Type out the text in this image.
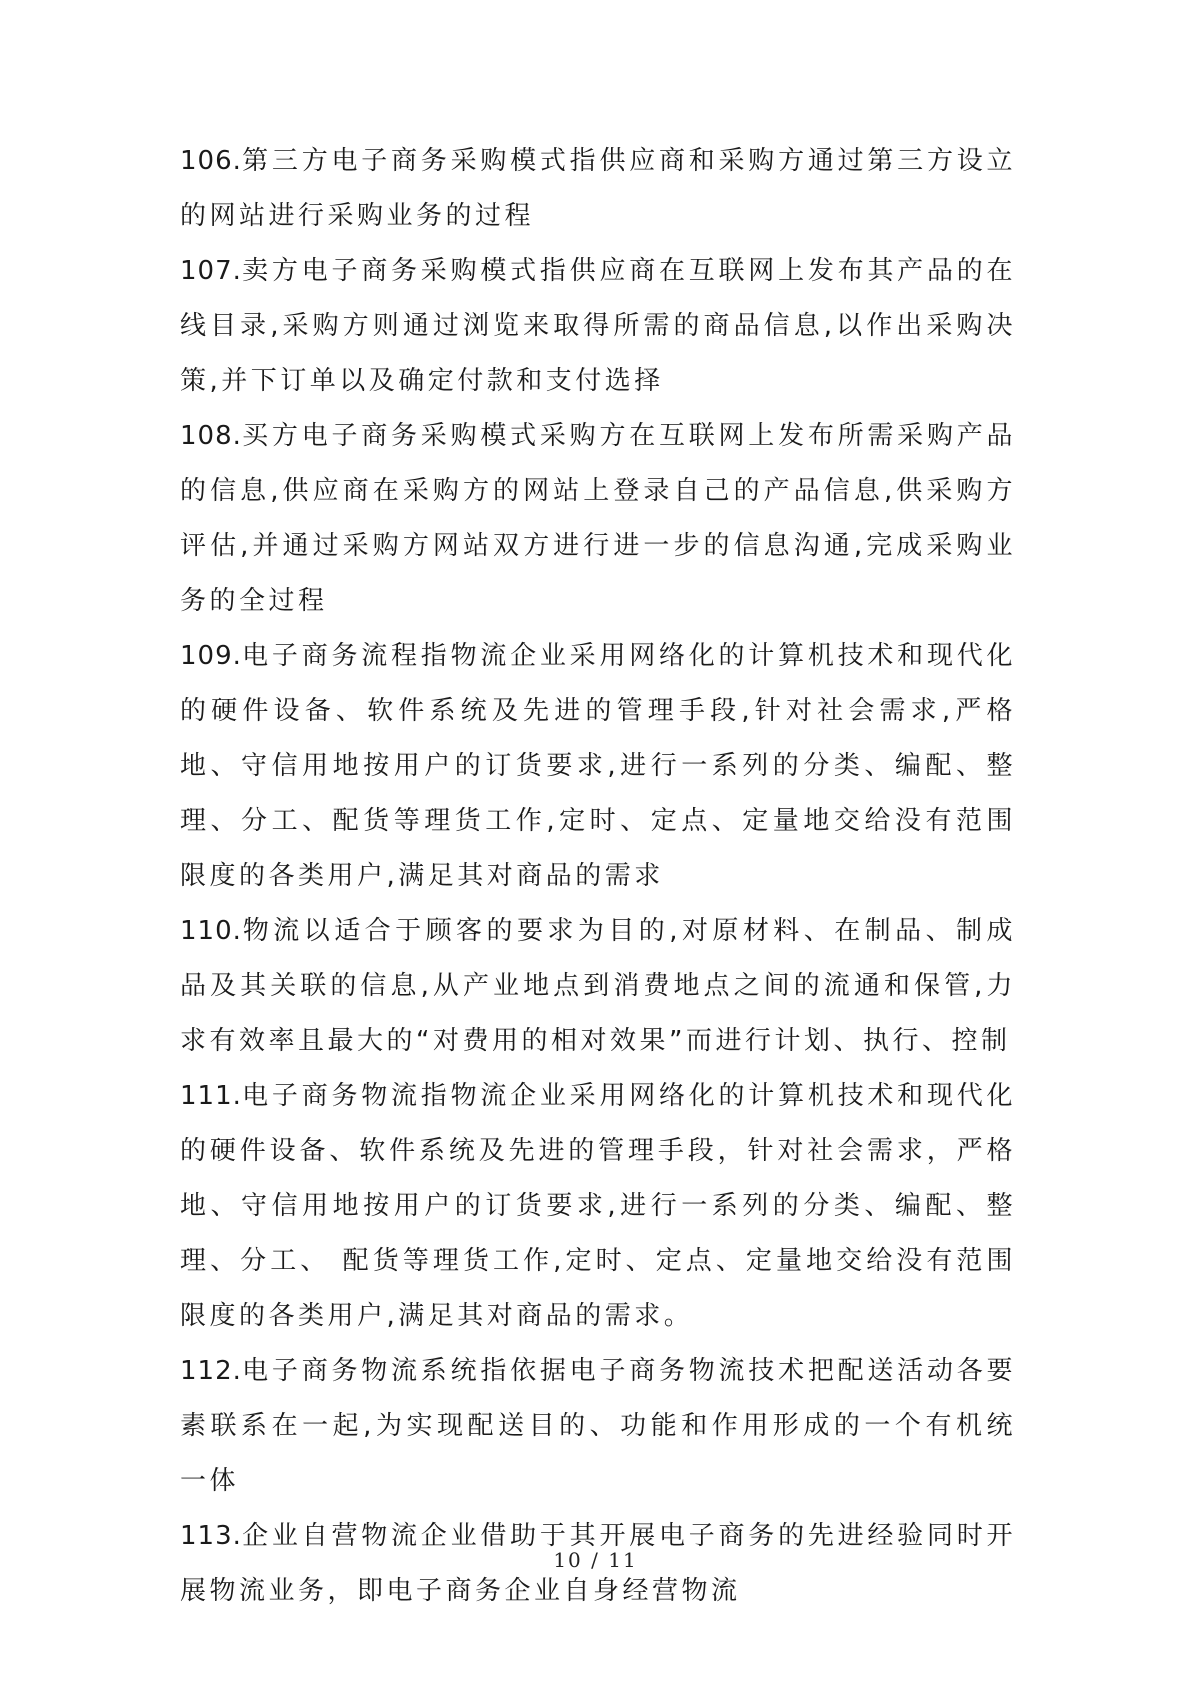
106.第三方电子商务采购模式指供应商和采购方通过第三方设立的网站进行采购业务的过程

107.卖方电子商务采购模式指供应商在互联网上发布其产品的在线目录,采购方则通过浏览来取得所需的商品信息,以作出采购决策,并下订单以及确定付款和支付选择

108.买方电子商务采购模式采购方在互联网上发布所需采购产品的信息,供应商在采购方的网站上登录自己的产品信息,供采购方评估,并通过采购方网站双方进行进一步的信息沟通,完成采购业务的全过程

109.电子商务流程指物流企业采用网络化的计算机技术和现代化的硬件设备、软件系统及先进的管理手段,针对社会需求,严格地、守信用地按用户的订货要求,进行一系列的分类、编配、整理、分工、配货等理货工作,定时、定点、定量地交给没有范围限度的各类用户,满足其对商品的需求

110.物流以适合于顾客的要求为目的,对原材料、在制品、制成品及其关联的信息,从产业地点到消费地点之间的流通和保管,力求有效率且最大的“对费用的相对效果”而进行计划、执行、控制

111.电子商务物流指物流企业采用网络化的计算机技术和现代化的硬件设备、软件系统及先进的管理手段，针对社会需求，严格地、守信用地按用户的订货要求,进行一系列的分类、编配、整理、分工、 配货等理货工作,定时、定点、定量地交给没有范围限度的各类用户,满足其对商品的需求。

112.电子商务物流系统指依据电子商务物流技术把配送活动各要素联系在一起,为实现配送目的、功能和作用形成的一个有机统一体

113.企业自营物流企业借助于其开展电子商务的先进经验同时开展物流业务，即电子商务企业自身经营物流

10 / 11
